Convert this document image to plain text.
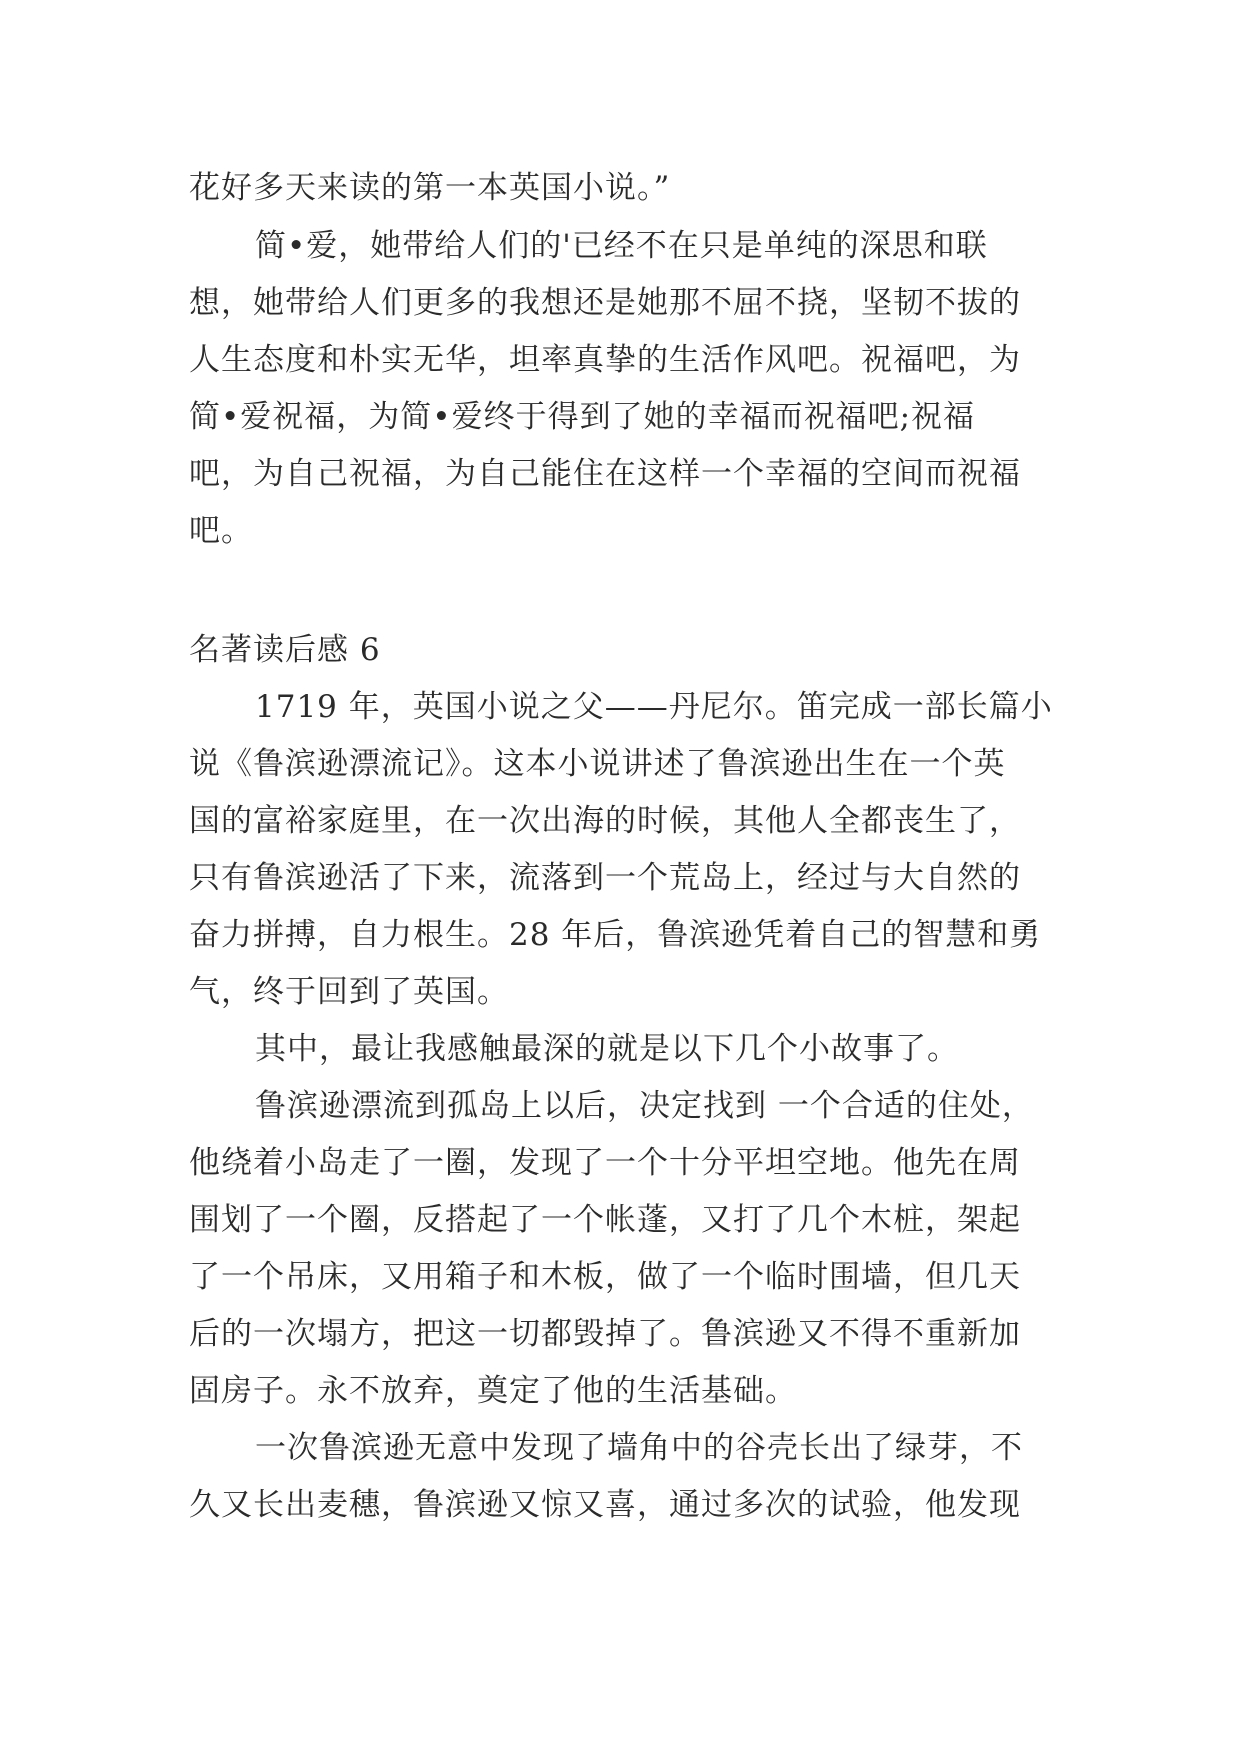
花好多天来读的第一本英国小说。”
简•爱，她带给人们的'已经不在只是单纯的深思和联
想，她带给人们更多的我想还是她那不屈不挠，坚韧不拔的
人生态度和朴实无华，坦率真挚的生活作风吧。祝福吧，为
简•爱祝福，为简•爱终于得到了她的幸福而祝福吧;祝福
吧，为自己祝福，为自己能住在这样一个幸福的空间而祝福
吧。
名著读后感 6
1719 年，英国小说之父——丹尼尔。笛完成一部长篇小
说《鲁滨逊漂流记》。这本小说讲述了鲁滨逊出生在一个英
国的富裕家庭里，在一次出海的时候，其他人全都丧生了，
只有鲁滨逊活了下来，流落到一个荒岛上，经过与大自然的
奋力拼搏，自力根生。28 年后，鲁滨逊凭着自己的智慧和勇
气，终于回到了英国。
其中，最让我感触最深的就是以下几个小故事了。
鲁滨逊漂流到孤岛上以后，决定找到 一个合适的住处，
他绕着小岛走了一圈，发现了一个十分平坦空地。他先在周
围划了一个圈，反搭起了一个帐蓬，又打了几个木桩，架起
了一个吊床，又用箱子和木板，做了一个临时围墙，但几天
后的一次塌方，把这一切都毁掉了。鲁滨逊又不得不重新加
固房子。永不放弃，奠定了他的生活基础。
一次鲁滨逊无意中发现了墙角中的谷壳长出了绿芽，不
久又长出麦穗，鲁滨逊又惊又喜，通过多次的试验，他发现
